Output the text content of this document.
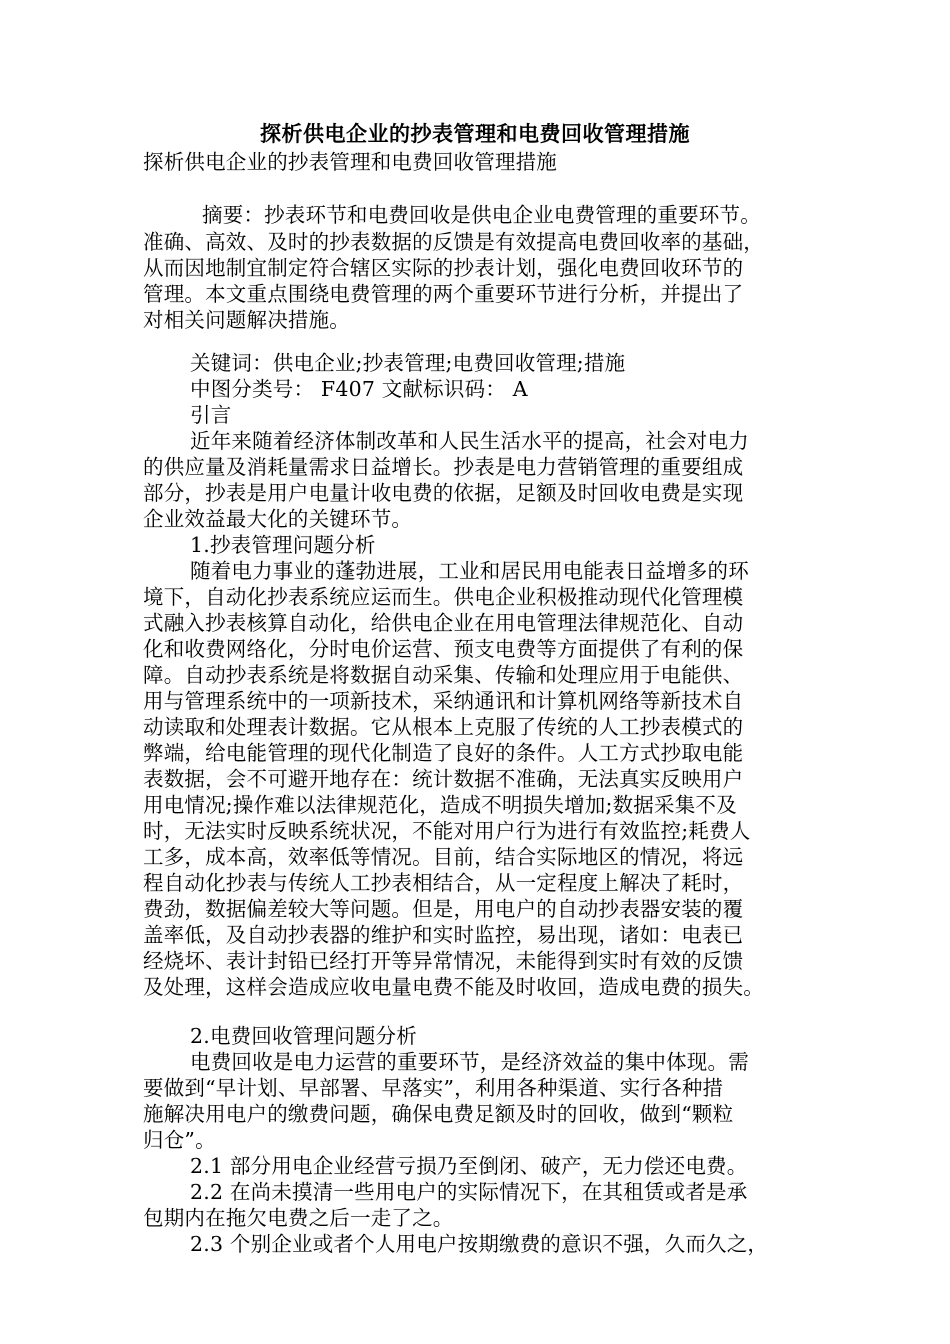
探析供电企业的抄表管理和电费回收管理措施
探析供电企业的抄表管理和电费回收管理措施
摘要：抄表环节和电费回收是供电企业电费管理的重要环节。
准确、高效、及时的抄表数据的反馈是有效提高电费回收率的基础，
从而因地制宜制定符合辖区实际的抄表计划，强化电费回收环节的
管理。本文重点围绕电费管理的两个重要环节进行分析，并提出了
对相关问题解决措施。
关键词：供电企业;抄表管理;电费回收管理;措施
中图分类号： F407 文献标识码： A
引言
近年来随着经济体制改革和人民生活水平的提高，社会对电力
的供应量及消耗量需求日益增长。抄表是电力营销管理的重要组成
部分，抄表是用户电量计收电费的依据，足额及时回收电费是实现
企业效益最大化的关键环节。
1.抄表管理问题分析
随着电力事业的蓬勃进展，工业和居民用电能表日益增多的环
境下，自动化抄表系统应运而生。供电企业积极推动现代化管理模
式融入抄表核算自动化，给供电企业在用电管理法律规范化、自动
化和收费网络化，分时电价运营、预支电费等方面提供了有利的保
障。自动抄表系统是将数据自动采集、传输和处理应用于电能供、
用与管理系统中的一项新技术，采纳通讯和计算机网络等新技术自
动读取和处理表计数据。它从根本上克服了传统的人工抄表模式的
弊端，给电能管理的现代化制造了良好的条件。人工方式抄取电能
表数据，会不可避开地存在：统计数据不准确，无法真实反映用户
用电情况;操作难以法律规范化，造成不明损失增加;数据采集不及
时，无法实时反映系统状况，不能对用户行为进行有效监控;耗费人
工多，成本高，效率低等情况。目前，结合实际地区的情况，将远
程自动化抄表与传统人工抄表相结合，从一定程度上解决了耗时，
费劲，数据偏差较大等问题。但是，用电户的自动抄表器安装的覆
盖率低，及自动抄表器的维护和实时监控，易出现，诸如：电表已
经烧坏、表计封铅已经打开等异常情况，未能得到实时有效的反馈
及处理，这样会造成应收电量电费不能及时收回，造成电费的损失。
2.电费回收管理问题分析
电费回收是电力运营的重要环节，是经济效益的集中体现。需
要做到“早计划、早部署、早落实”，利用各种渠道、实行各种措
施解决用电户的缴费问题，确保电费足额及时的回收，做到“颗粒
归仓”。
2.1 部分用电企业经营亏损乃至倒闭、破产，无力偿还电费。
2.2 在尚未摸清一些用电户的实际情况下，在其租赁或者是承
包期内在拖欠电费之后一走了之。
2.3 个别企业或者个人用电户按期缴费的意识不强，久而久之，
